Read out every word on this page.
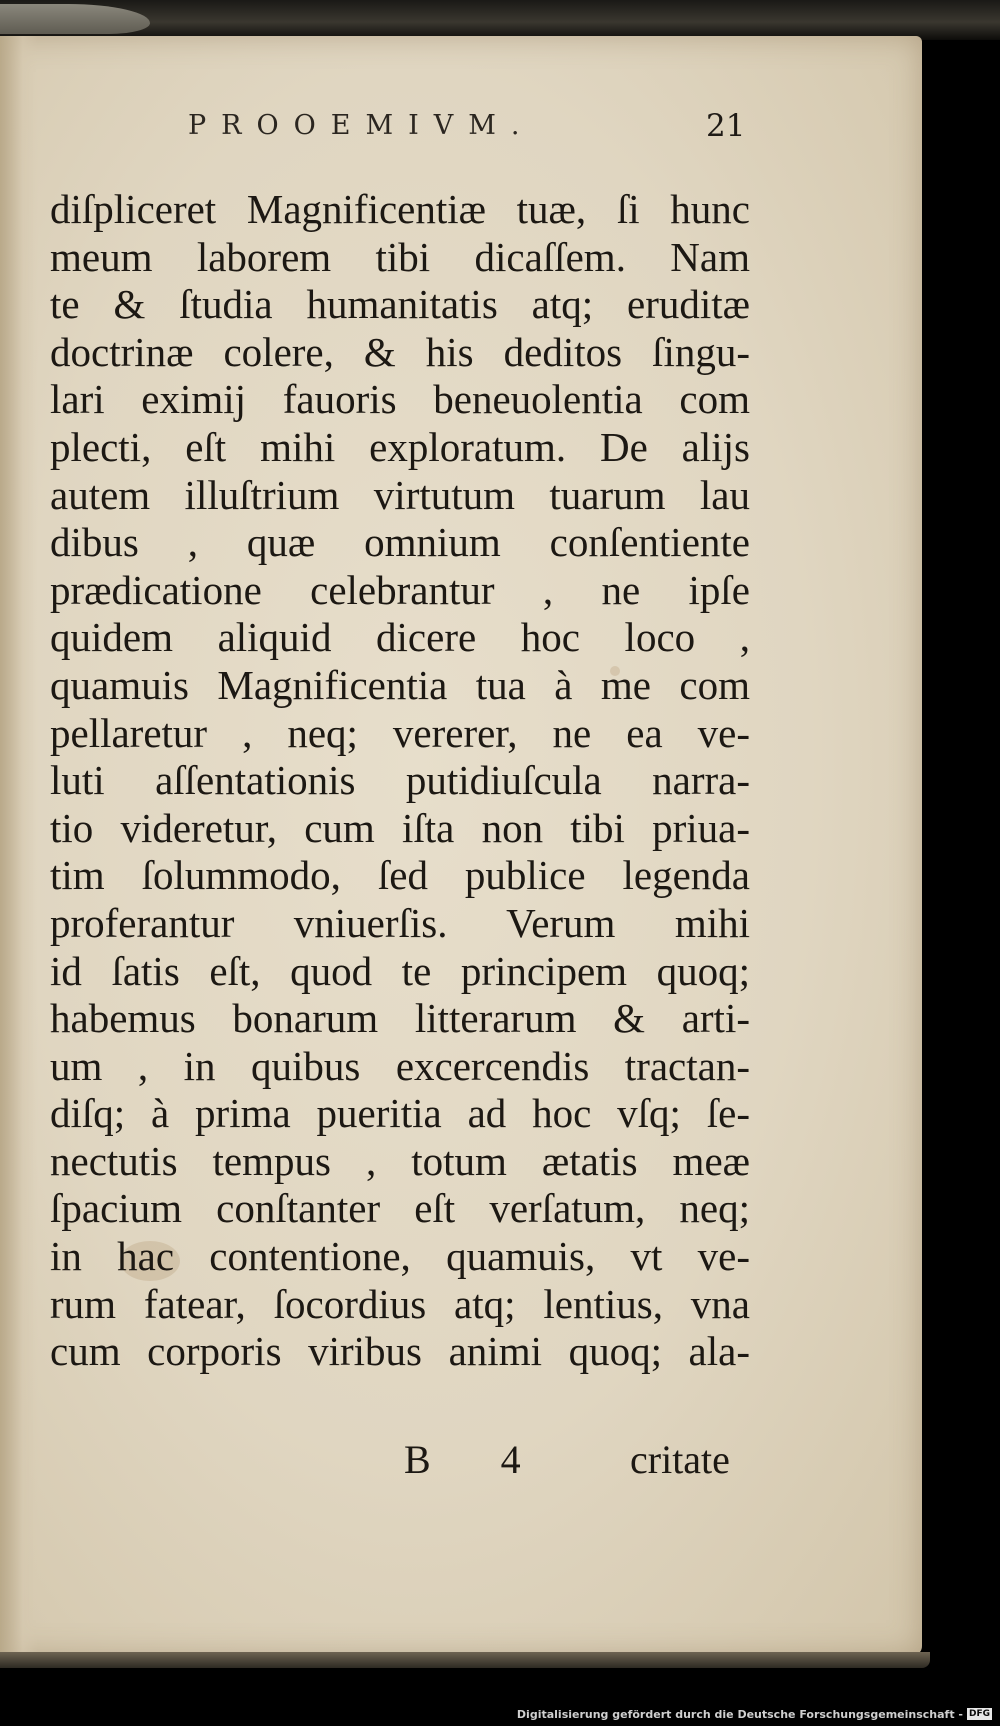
PROOEMIVM.	21
diſpliceret Magnificentiæ tuæ, ſi hunc
meum laborem tibi dicaſſem. Nam
te & ſtudia humanitatis atq; eruditæ
doctrinæ colere, & his deditos ſingu-
lari eximij fauoris beneuolentia com
plecti, eſt mihi exploratum. De alijs
autem illuſtrium virtutum tuarum lau
dibus , quæ omnium conſentiente
prædicatione celebrantur , ne ipſe
quidem aliquid dicere hoc loco ,
quamuis Magnificentia tua à me com
pellaretur , neq; vererer, ne ea ve-
luti aſſentationis putidiuſcula narra-
tio videretur, cum iſta non tibi priua-
tim ſolummodo, ſed publice legenda
proferantur vniuerſis. Verum mihi
id ſatis eſt, quod te principem quoq;
habemus bonarum litterarum & arti-
um , in quibus excercendis tractan-
diſq; à prima pueritia ad hoc vſq; ſe-
nectutis tempus , totum ætatis meæ
ſpacium conſtanter eſt verſatum, neq;
in hac contentione, quamuis, vt ve-
rum fatear, ſocordius atq; lentius, vna
cum corporis viribus animi quoq; ala-
B 4 critate
Digitalisierung gefördert durch die Deutsche Forschungsgemeinschaft - DFG
